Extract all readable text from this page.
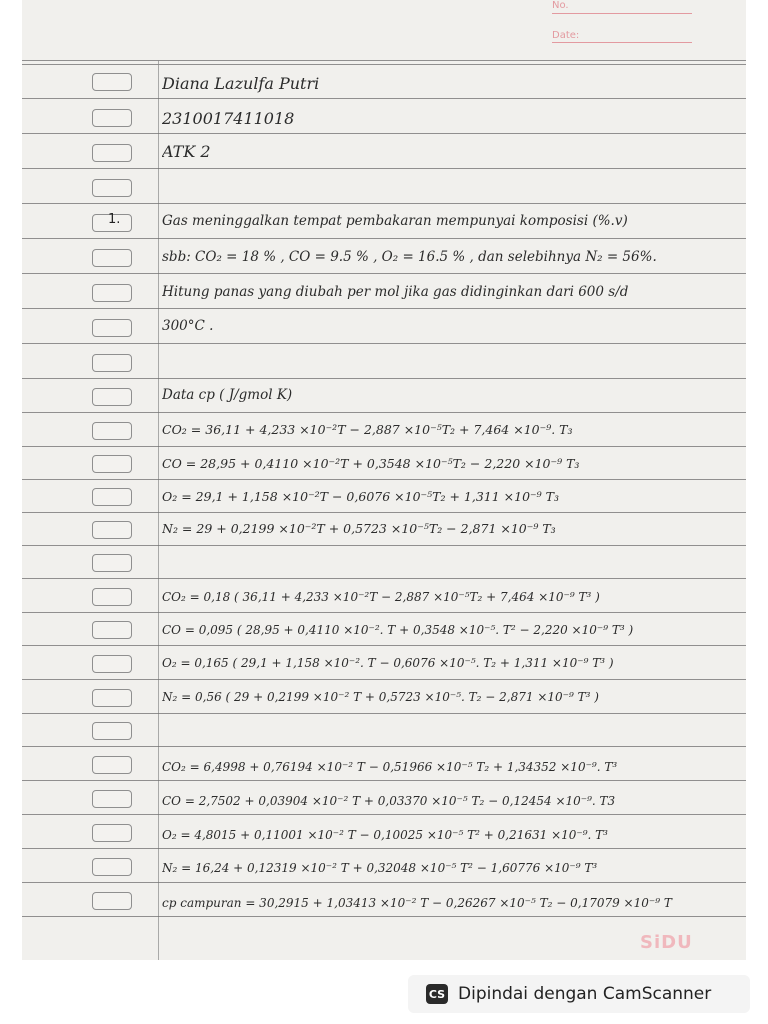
No.
Date:
1.
Diana Lazulfa Putri
2310017411018
ATK 2
Gas meninggalkan tempat pembakaran mempunyai komposisi (%.v)
sbb: CO₂ = 18 % , CO = 9.5 % , O₂ = 16.5 % , dan selebihnya N₂ = 56%.
Hitung panas yang diubah per mol jika gas didinginkan dari 600 s/d
300°C .
Data cp ( J/gmol K)
CO₂ = 36,11 + 4,233 ×10⁻²T − 2,887 ×10⁻⁵T₂ + 7,464 ×10⁻⁹. T₃
CO = 28,95 + 0,4110 ×10⁻²T + 0,3548 ×10⁻⁵T₂ − 2,220 ×10⁻⁹ T₃
O₂ = 29,1 + 1,158 ×10⁻²T − 0,6076 ×10⁻⁵T₂ + 1,311 ×10⁻⁹ T₃
N₂ = 29 + 0,2199 ×10⁻²T + 0,5723 ×10⁻⁵T₂ − 2,871 ×10⁻⁹ T₃
CO₂ = 0,18 ( 36,11 + 4,233 ×10⁻²T − 2,887 ×10⁻⁵T₂ + 7,464 ×10⁻⁹ T³ )
CO = 0,095 ( 28,95 + 0,4110 ×10⁻². T + 0,3548 ×10⁻⁵. T² − 2,220 ×10⁻⁹ T³ )
O₂ = 0,165 ( 29,1 + 1,158 ×10⁻². T − 0,6076 ×10⁻⁵. T₂ + 1,311 ×10⁻⁹ T³ )
N₂ = 0,56 ( 29 + 0,2199 ×10⁻² T + 0,5723 ×10⁻⁵. T₂ − 2,871 ×10⁻⁹ T³ )
CO₂ = 6,4998 + 0,76194 ×10⁻² T − 0,51966 ×10⁻⁵ T₂ + 1,34352 ×10⁻⁹. T³
CO = 2,7502 + 0,03904 ×10⁻² T + 0,03370 ×10⁻⁵ T₂ − 0,12454 ×10⁻⁹. T3
O₂ = 4,8015 + 0,11001 ×10⁻² T − 0,10025 ×10⁻⁵ T² + 0,21631 ×10⁻⁹. T³
N₂ = 16,24 + 0,12319 ×10⁻² T + 0,32048 ×10⁻⁵ T² − 1,60776 ×10⁻⁹ T³
cp campuran = 30,2915 + 1,03413 ×10⁻² T − 0,26267 ×10⁻⁵ T₂ − 0,17079 ×10⁻⁹ T
SiDU
CS Dipindai dengan CamScanner
